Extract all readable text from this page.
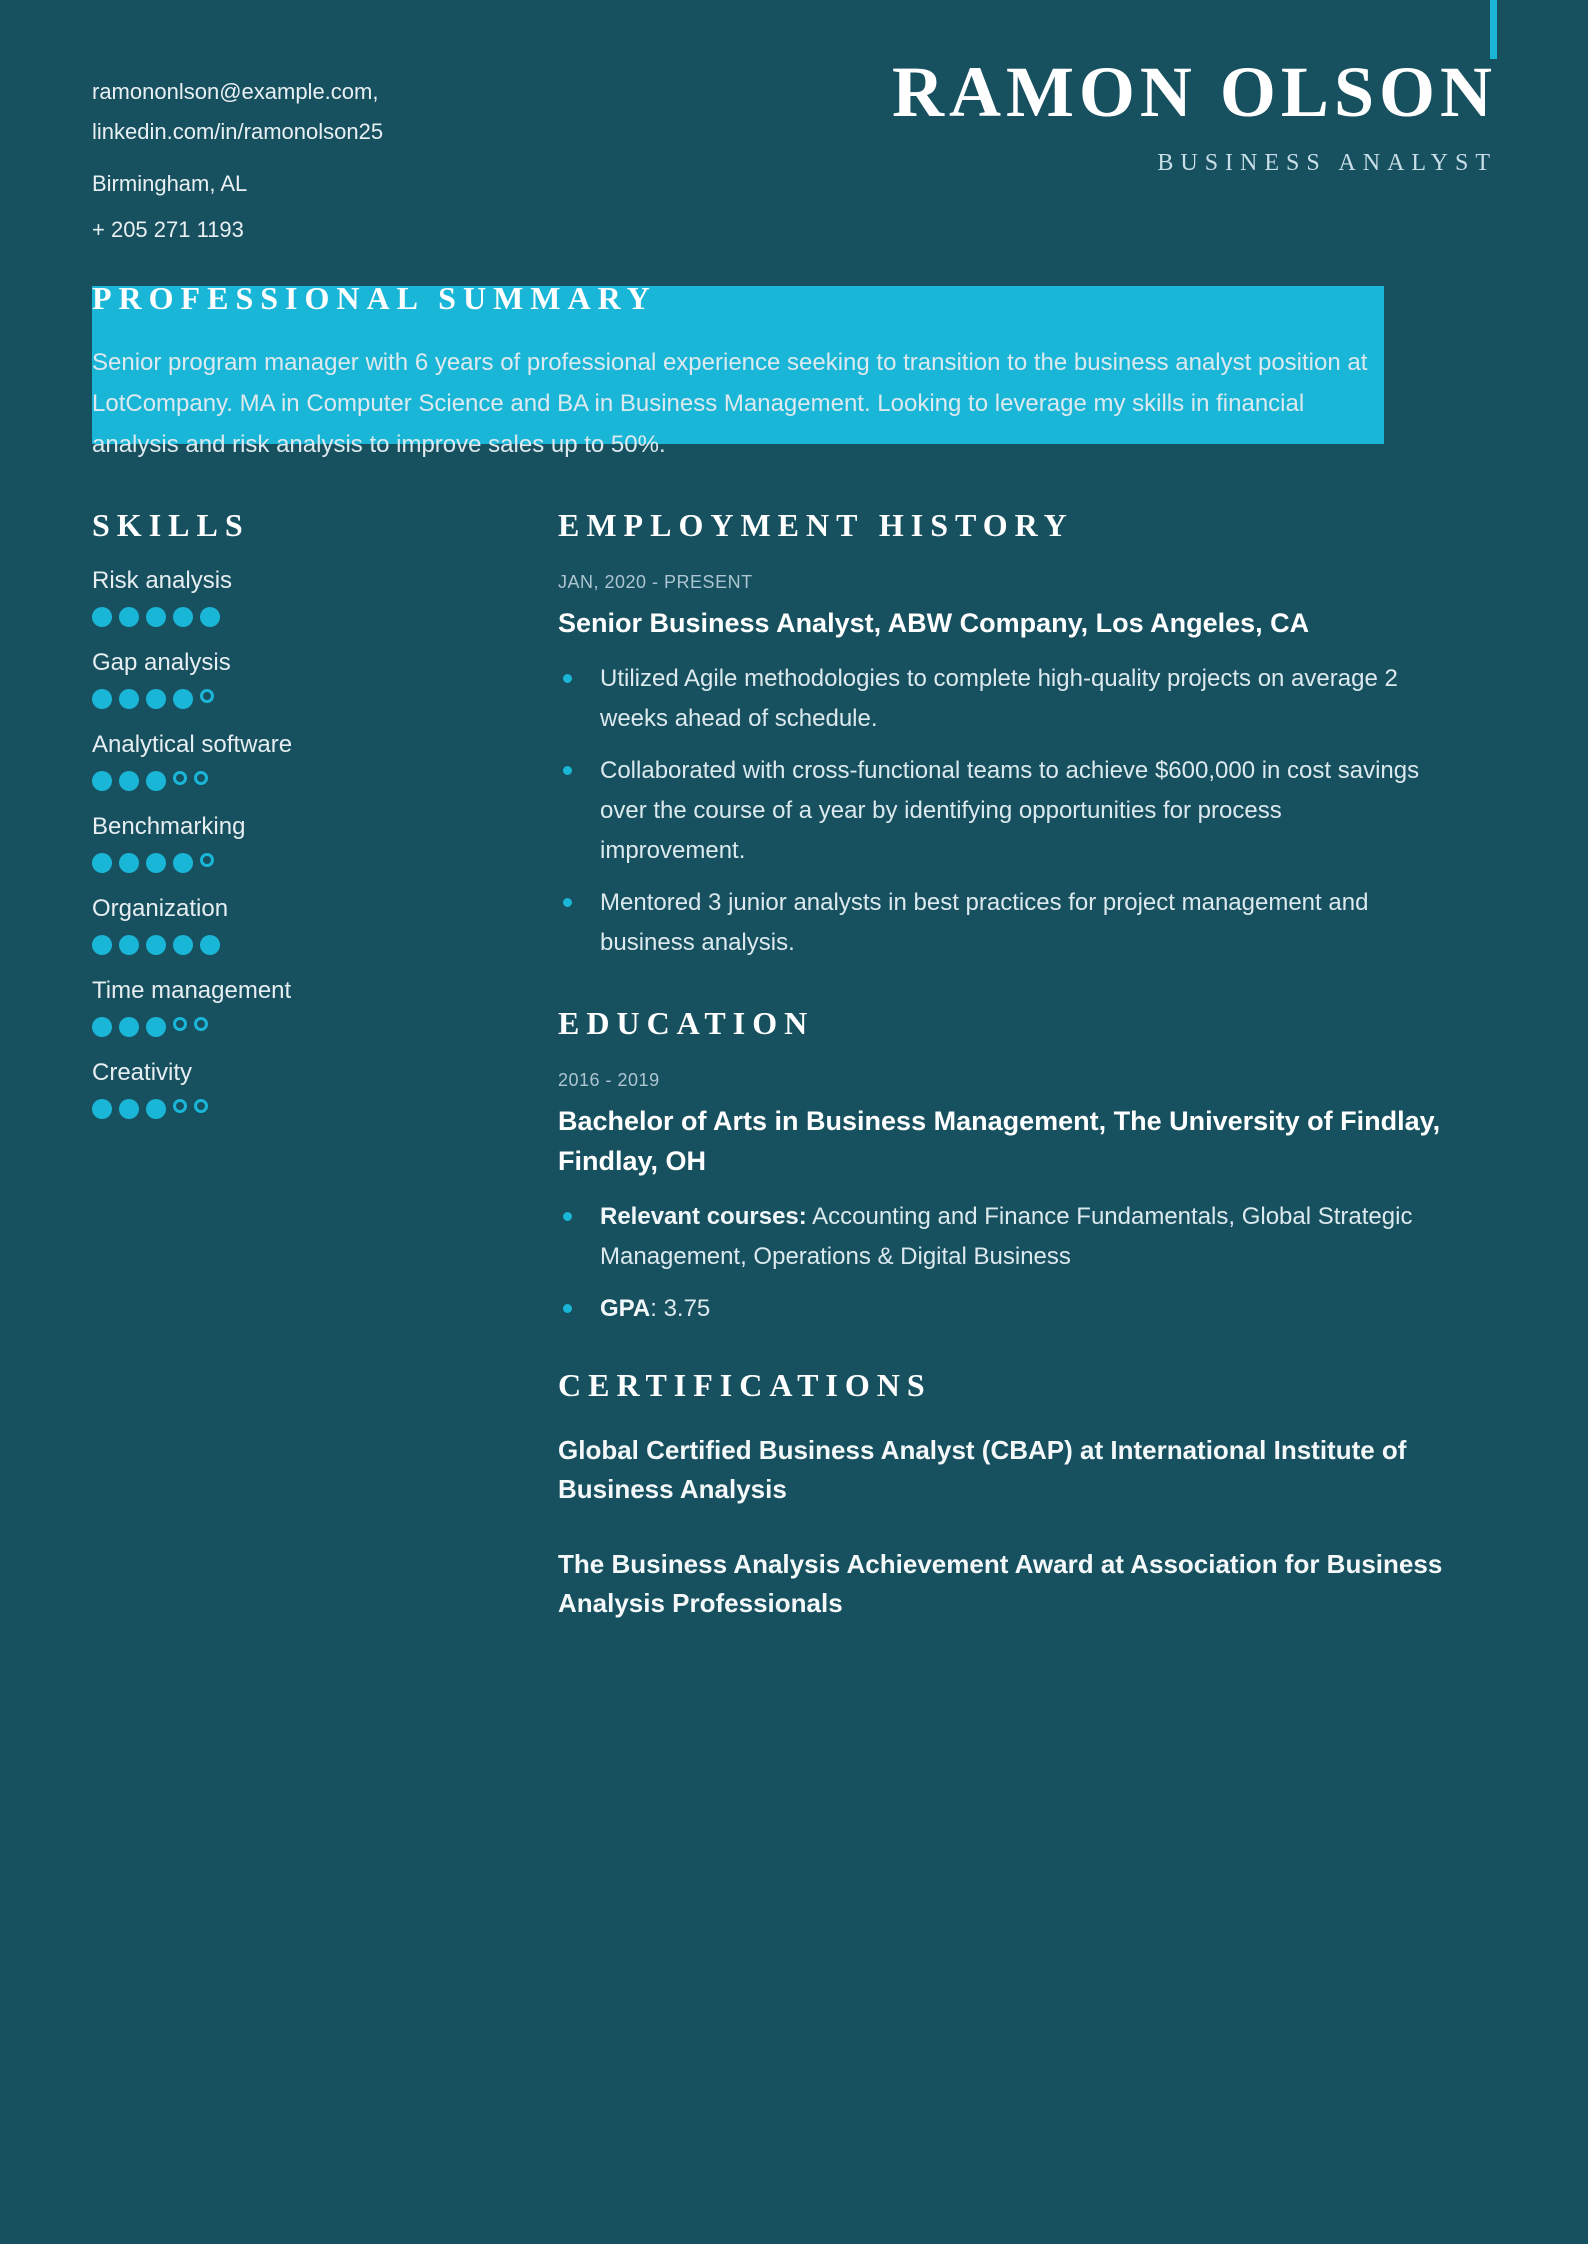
ramononlson@example.com,
linkedin.com/in/ramonolson25
Birmingham, AL
+ 205 271 1193
RAMON OLSON
BUSINESS ANALYST
PROFESSIONAL SUMMARY

Senior program manager with 6 years of professional experience seeking to transition to the business analyst position at LotCompany. MA in Computer Science and BA in Business Management. Looking to leverage my skills in financial analysis and risk analysis to improve sales up to 50%.

SKILLS
Risk analysis
Gap analysis
Analytical software
Benchmarking
Organization
Time management
Creativity
EMPLOYMENT HISTORY
JAN, 2020 - PRESENT
Senior Business Analyst, ABW Company, Los Angeles, CA
Utilized Agile methodologies to complete high-quality projects on average 2 weeks ahead of schedule.
Collaborated with cross-functional teams to achieve $600,000 in cost savings over the course of a year by identifying opportunities for process improvement.
Mentored 3 junior analysts in best practices for project management and business analysis.
EDUCATION
2016 - 2019
Bachelor of Arts in Business Management, The University of Findlay, Findlay, OH
Relevant courses: Accounting and Finance Fundamentals, Global Strategic Management, Operations & Digital Business
GPA: 3.75
CERTIFICATIONS

Global Certified Business Analyst (CBAP) at International Institute of Business Analysis

The Business Analysis Achievement Award at Association for Business Analysis Professionals
